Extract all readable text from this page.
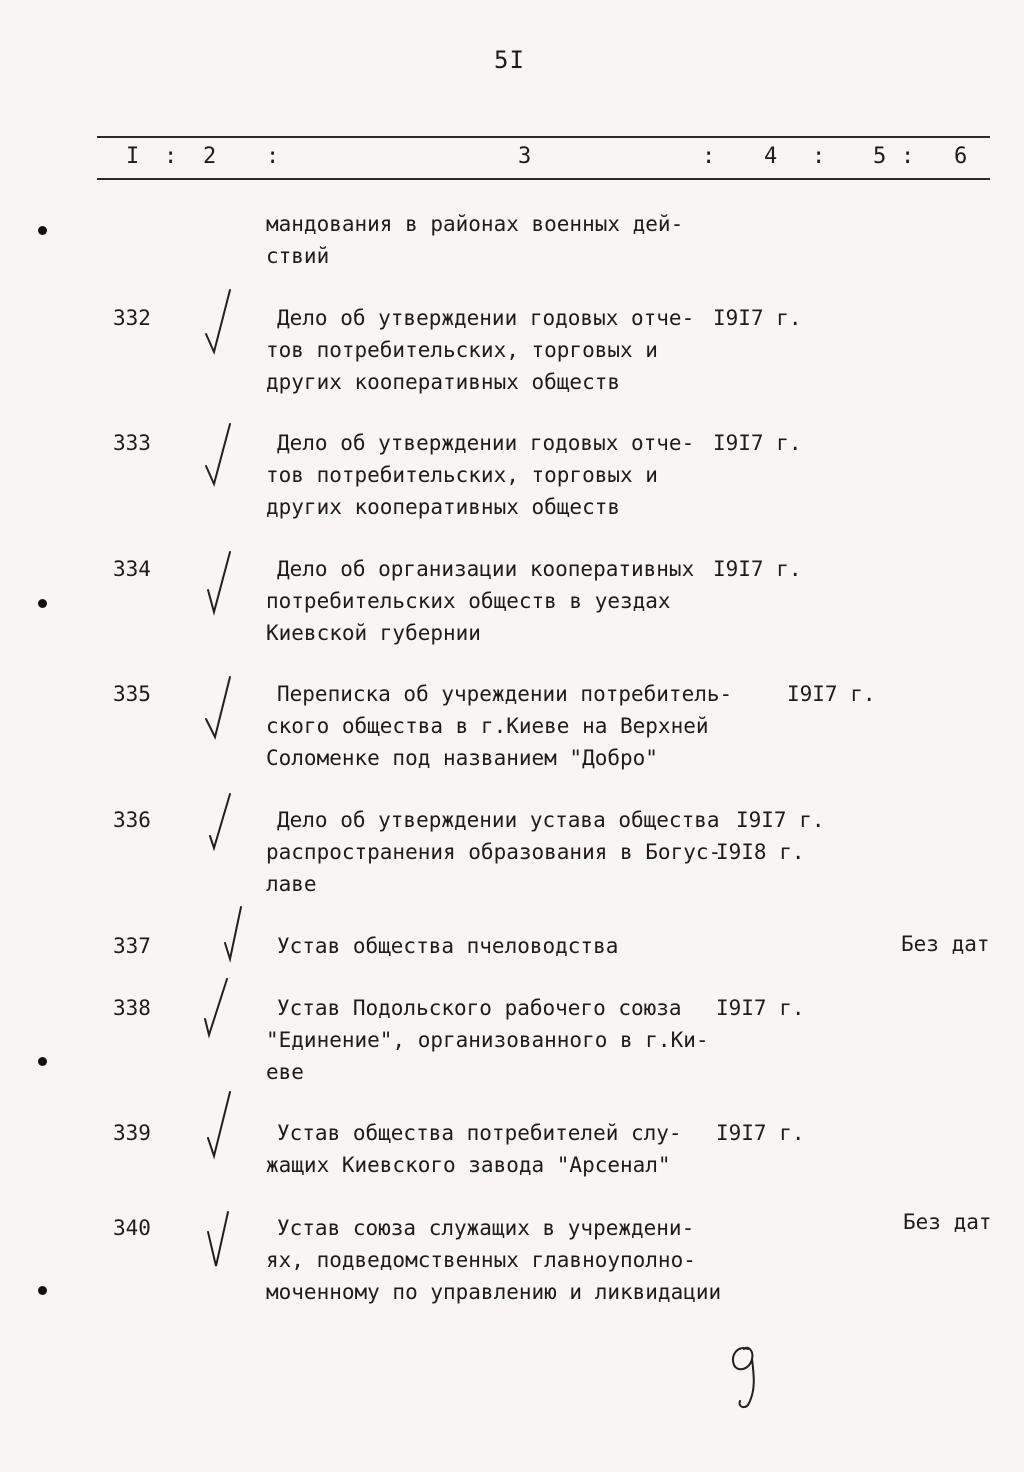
5I
I : 2 :	3	: 4 : 5 : 6
мандования в районах военных дей-
ствий
332	Дело об утверждении годовых отче-
тов потребительских, торговых и
других кооперативных обществ
I9I7 г.
333	Дело об утверждении годовых отче-
тов потребительских, торговых и
других кооперативных обществ
I9I7 г.
334	Дело об организации кооперативных
потребительских обществ в уездах
Киевской губернии
I9I7 г.
335	Переписка об учреждении потребитель-
ского общества в г.Киеве на Верхней
Соломенке под названием "Добро"
I9I7 г.
336	Дело об утверждении устава общества
распространения образования в Богус-
лаве
I9I7 г.
I9I8 г.
337	Устав общества пчеловодства	Без дат
338	Устав Подольского рабочего союза
"Единение", организованного в г.Ки-
еве
I9I7 г.
339	Устав общества потребителей слу-
жащих Киевского завода "Арсенал"
I9I7 г.
340	Устав союза служащих в учреждени-
ях, подведомственных главноуполно-
моченному по управлению и ликвидации
Без дат
